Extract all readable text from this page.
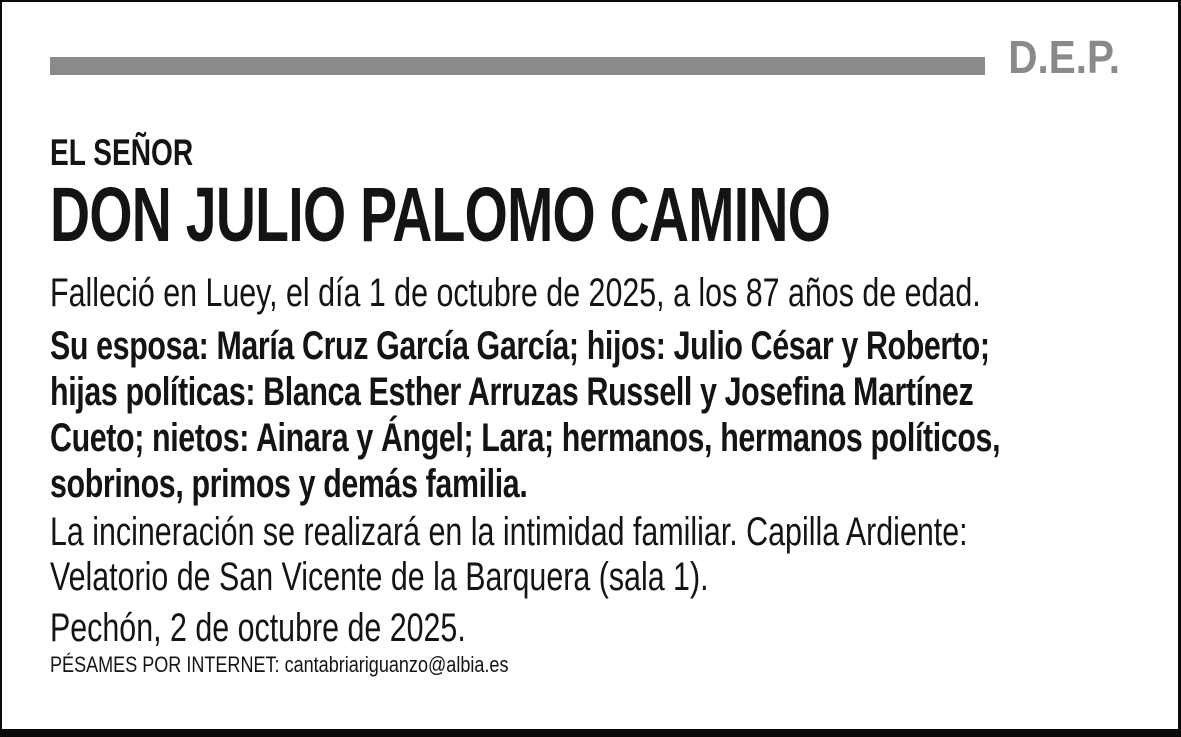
D.E.P.
EL SEÑOR
DON JULIO PALOMO CAMINO
Falleció en Luey, el día 1 de octubre de 2025, a los 87 años de edad.
Su esposa: María Cruz García García; hijos: Julio César y Roberto;
hijas políticas: Blanca Esther Arruzas Russell y Josefina Martínez
Cueto; nietos: Ainara y Ángel; Lara; hermanos, hermanos políticos,
sobrinos, primos y demás familia.
La incineración se realizará en la intimidad familiar. Capilla Ardiente:
Velatorio de San Vicente de la Barquera (sala 1).
Pechón, 2 de octubre de 2025.
PÉSAMES POR INTERNET: cantabriariguanzo@albia.es
